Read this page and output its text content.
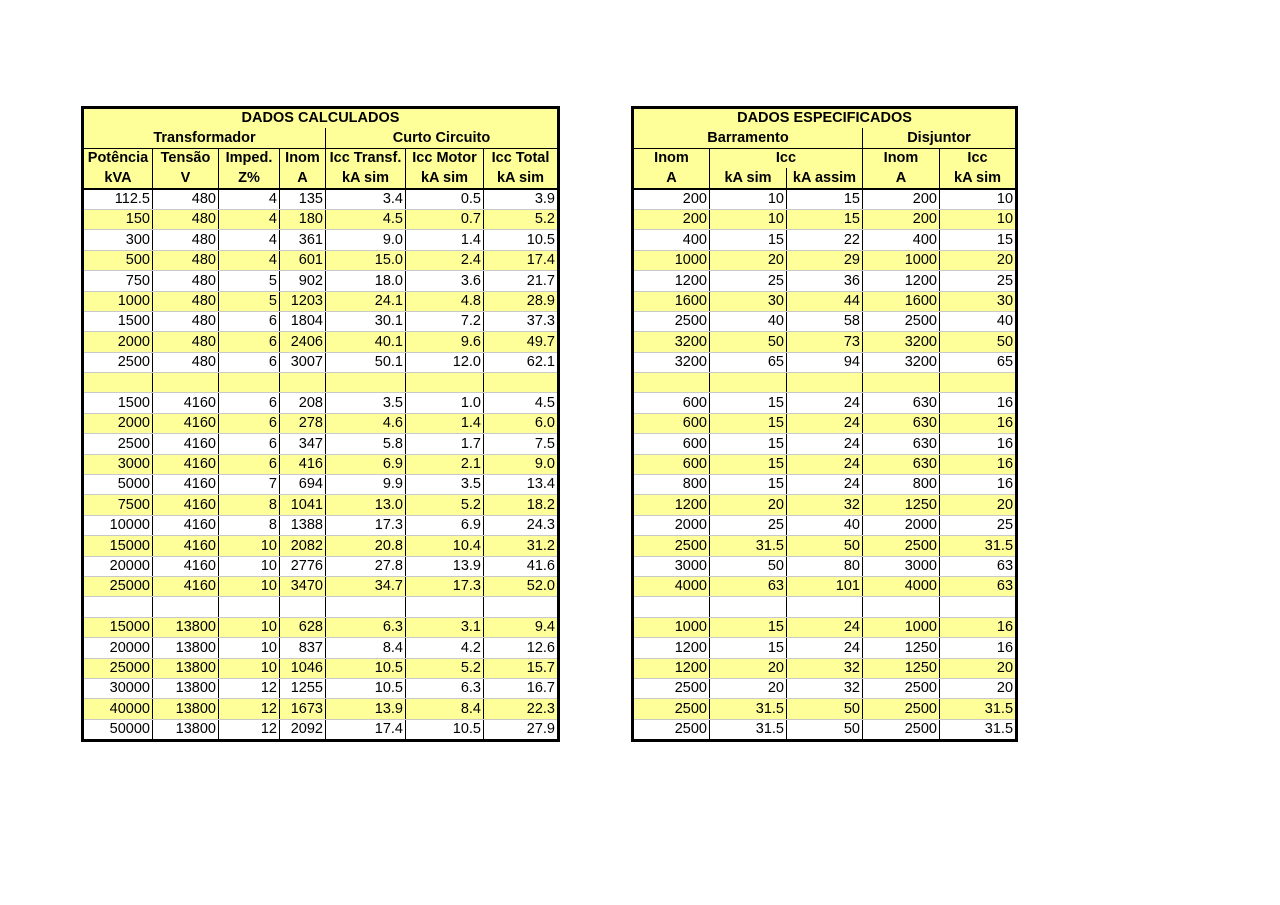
DADOS CALCULADOS						
Transformador				Curto Circuito		
Potência	Tensão	Imped.	Inom	Icc Transf.	Icc Motor	Icc Total
kVA	V	Z%	A	kA sim	kA sim	kA sim
112.5	480	4	135	3.4	0.5	3.9
150	480	4	180	4.5	0.7	5.2
300	480	4	361	9.0	1.4	10.5
500	480	4	601	15.0	2.4	17.4
750	480	5	902	18.0	3.6	21.7
1000	480	5	1203	24.1	4.8	28.9
1500	480	6	1804	30.1	7.2	37.3
2000	480	6	2406	40.1	9.6	49.7
2500	480	6	3007	50.1	12.0	62.1

1500	4160	6	208	3.5	1.0	4.5
2000	4160	6	278	4.6	1.4	6.0
2500	4160	6	347	5.8	1.7	7.5
3000	4160	6	416	6.9	2.1	9.0
5000	4160	7	694	9.9	3.5	13.4
7500	4160	8	1041	13.0	5.2	18.2
10000	4160	8	1388	17.3	6.9	24.3
15000	4160	10	2082	20.8	10.4	31.2
20000	4160	10	2776	27.8	13.9	41.6
25000	4160	10	3470	34.7	17.3	52.0

15000	13800	10	628	6.3	3.1	9.4
20000	13800	10	837	8.4	4.2	12.6
25000	13800	10	1046	10.5	5.2	15.7
30000	13800	12	1255	10.5	6.3	16.7
40000	13800	12	1673	13.9	8.4	22.3
50000	13800	12	2092	17.4	10.5	27.9
DADOS ESPECIFICADOS				
Barramento			Disjuntor	
Inom	Icc		Inom	Icc
A	kA sim	kA assim	A	kA sim
200	10	15	200	10
200	10	15	200	10
400	15	22	400	15
1000	20	29	1000	20
1200	25	36	1200	25
1600	30	44	1600	30
2500	40	58	2500	40
3200	50	73	3200	50
3200	65	94	3200	65

600	15	24	630	16
600	15	24	630	16
600	15	24	630	16
600	15	24	630	16
800	15	24	800	16
1200	20	32	1250	20
2000	25	40	2000	25
2500	31.5	50	2500	31.5
3000	50	80	3000	63
4000	63	101	4000	63

1000	15	24	1000	16
1200	15	24	1250	16
1200	20	32	1250	20
2500	20	32	2500	20
2500	31.5	50	2500	31.5
2500	31.5	50	2500	31.5
